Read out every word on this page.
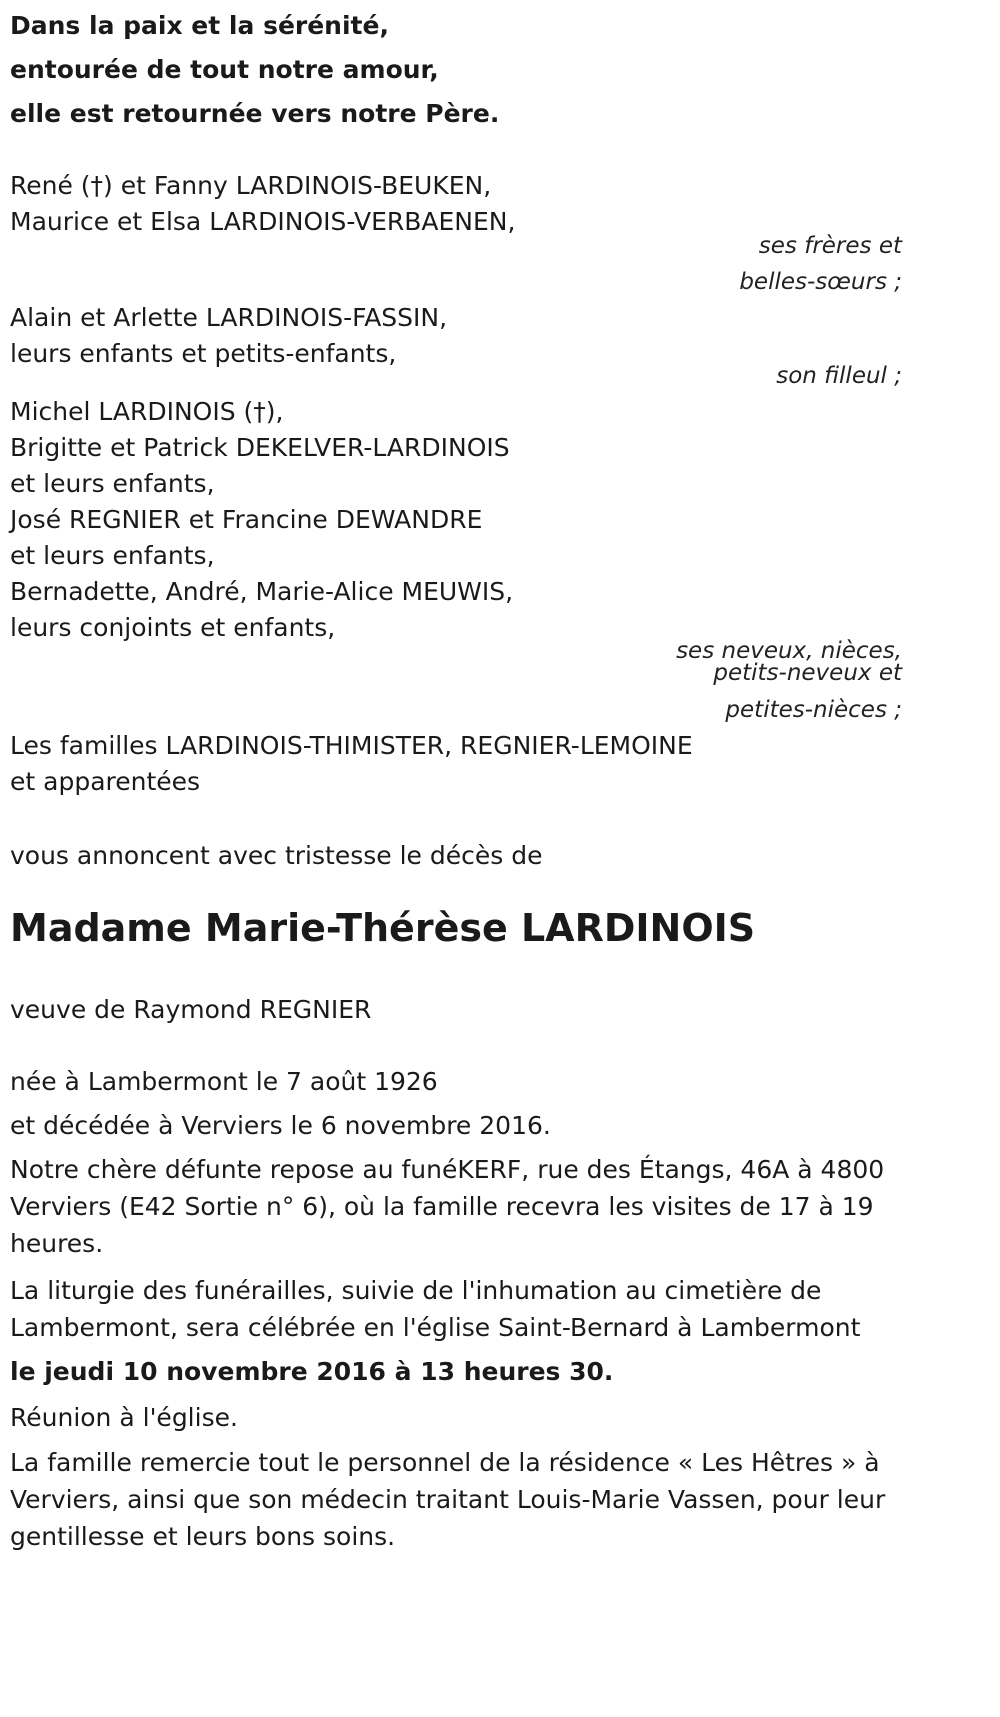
Dans la paix et la sérénité,
entourée de tout notre amour,
elle est retournée vers notre Père.
René (†) et Fanny LARDINOIS-BEUKEN,
Maurice et Elsa LARDINOIS-VERBAENEN,
ses frères et
belles-sœurs ;
Alain et Arlette LARDINOIS-FASSIN,
leurs enfants et petits-enfants,
son filleul ;
Michel LARDINOIS (†),
Brigitte et Patrick DEKELVER-LARDINOIS
et leurs enfants,
José REGNIER et Francine DEWANDRE
et leurs enfants,
Bernadette, André, Marie-Alice MEUWIS,
leurs conjoints et enfants,
ses neveux, nièces,
petits-neveux et
petites-nièces ;
Les familles LARDINOIS-THIMISTER, REGNIER-LEMOINE
et apparentées
vous annoncent avec tristesse le décès de
Madame Marie-Thérèse LARDINOIS
veuve de Raymond REGNIER
née à Lambermont le 7 août 1926
et décédée à Verviers le 6 novembre 2016.
Notre chère défunte repose au funéKERF, rue des Étangs, 46A à 4800 Verviers (E42 Sortie n° 6), où la famille recevra les visites de 17 à 19 heures.
La liturgie des funérailles, suivie de l'inhumation au cimetière de Lambermont, sera célébrée en l'église Saint-Bernard à Lambermont
le jeudi 10 novembre 2016 à 13 heures 30.
Réunion à l'église.
La famille remercie tout le personnel de la résidence « Les Hêtres » à Verviers, ainsi que son médecin traitant Louis-Marie Vassen, pour leur gentillesse et leurs bons soins.
